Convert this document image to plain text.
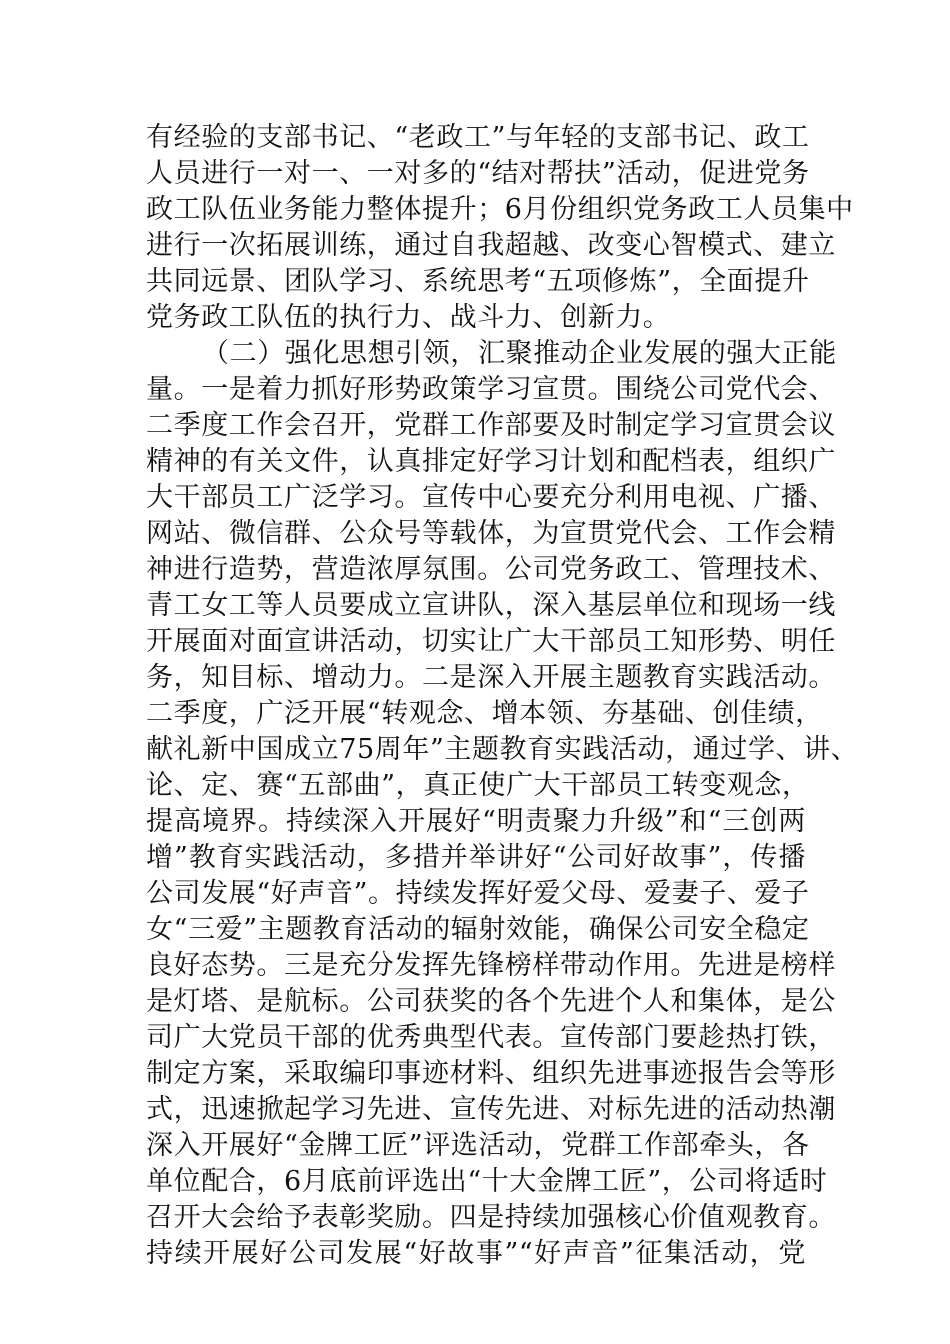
有经验的支部书记、“老政工”与年轻的支部书记、政工
人员进行一对一、一对多的“结对帮扶”活动，促进党务
政工队伍业务能力整体提升；6月份组织党务政工人员集中
进行一次拓展训练，通过自我超越、改变心智模式、建立
共同远景、团队学习、系统思考“五项修炼”，全面提升
党务政工队伍的执行力、战斗力、创新力。
（二）强化思想引领，汇聚推动企业发展的强大正能
量。一是着力抓好形势政策学习宣贯。围绕公司党代会、
二季度工作会召开，党群工作部要及时制定学习宣贯会议
精神的有关文件，认真排定好学习计划和配档表，组织广
大干部员工广泛学习。宣传中心要充分利用电视、广播、
网站、微信群、公众号等载体，为宣贯党代会、工作会精
神进行造势，营造浓厚氛围。公司党务政工、管理技术、
青工女工等人员要成立宣讲队，深入基层单位和现场一线
开展面对面宣讲活动，切实让广大干部员工知形势、明任
务，知目标、增动力。二是深入开展主题教育实践活动。
二季度，广泛开展“转观念、增本领、夯基础、创佳绩，
献礼新中国成立75周年”主题教育实践活动，通过学、讲、
论、定、赛“五部曲”，真正使广大干部员工转变观念，
提高境界。持续深入开展好“明责聚力升级”和“三创两
增”教育实践活动，多措并举讲好“公司好故事”，传播
公司发展“好声音”。持续发挥好爱父母、爱妻子、爱子
女“三爱”主题教育活动的辐射效能，确保公司安全稳定
良好态势。三是充分发挥先锋榜样带动作用。先进是榜样
是灯塔、是航标。公司获奖的各个先进个人和集体，是公
司广大党员干部的优秀典型代表。宣传部门要趁热打铁，
制定方案，采取编印事迹材料、组织先进事迹报告会等形
式，迅速掀起学习先进、宣传先进、对标先进的活动热潮
深入开展好“金牌工匠”评选活动，党群工作部牵头，各
单位配合，6月底前评选出“十大金牌工匠”，公司将适时
召开大会给予表彰奖励。四是持续加强核心价值观教育。
持续开展好公司发展“好故事”“好声音”征集活动，党
